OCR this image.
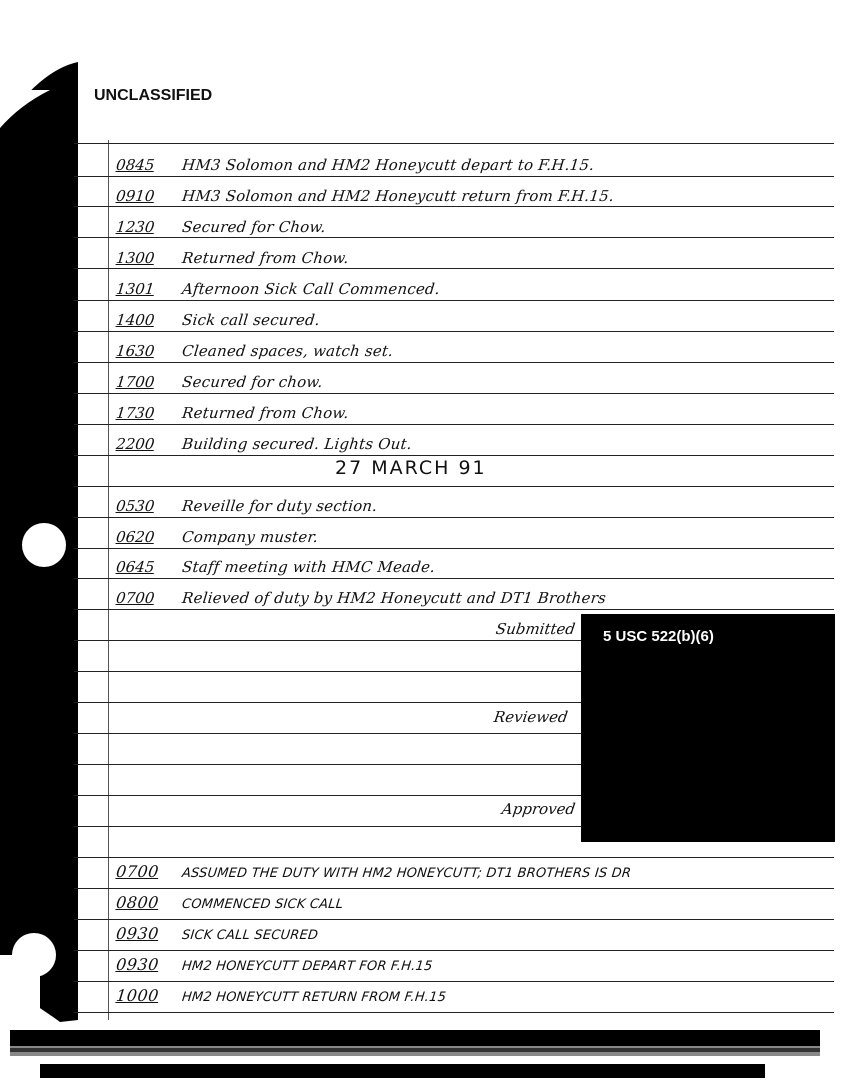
UNCLASSIFIED
0845 HM3 Solomon and HM2 Honeycutt depart to F.H.15.
0910 HM3 Solomon and HM2 Honeycutt return from F.H.15.
1230 Secured for Chow.
1300 Returned from Chow.
1301 Afternoon Sick Call Commenced.
1400 Sick call secured.
1630 Cleaned spaces, watch set.
1700 Secured for chow.
1730 Returned from Chow.
2200 Building secured. Lights Out.
27 MARCH 91
0530 Reveille for duty section.
0620 Company muster.
0645 Staff meeting with HMC Meade.
0700 Relieved of duty by HM2 Honeycutt and DT1 Brothers
Submitted
Reviewed
Approved
5 USC 522(b)(6)
0700 ASSUMED THE DUTY WITH HM2 HONEYCUTT; DT1 BROTHERS IS DR
0800 COMMENCED SICK CALL
0930 SICK CALL SECURED
0930 HM2 HONEYCUTT DEPART FOR F.H.15
1000 HM2 HONEYCUTT RETURN FROM F.H.15
